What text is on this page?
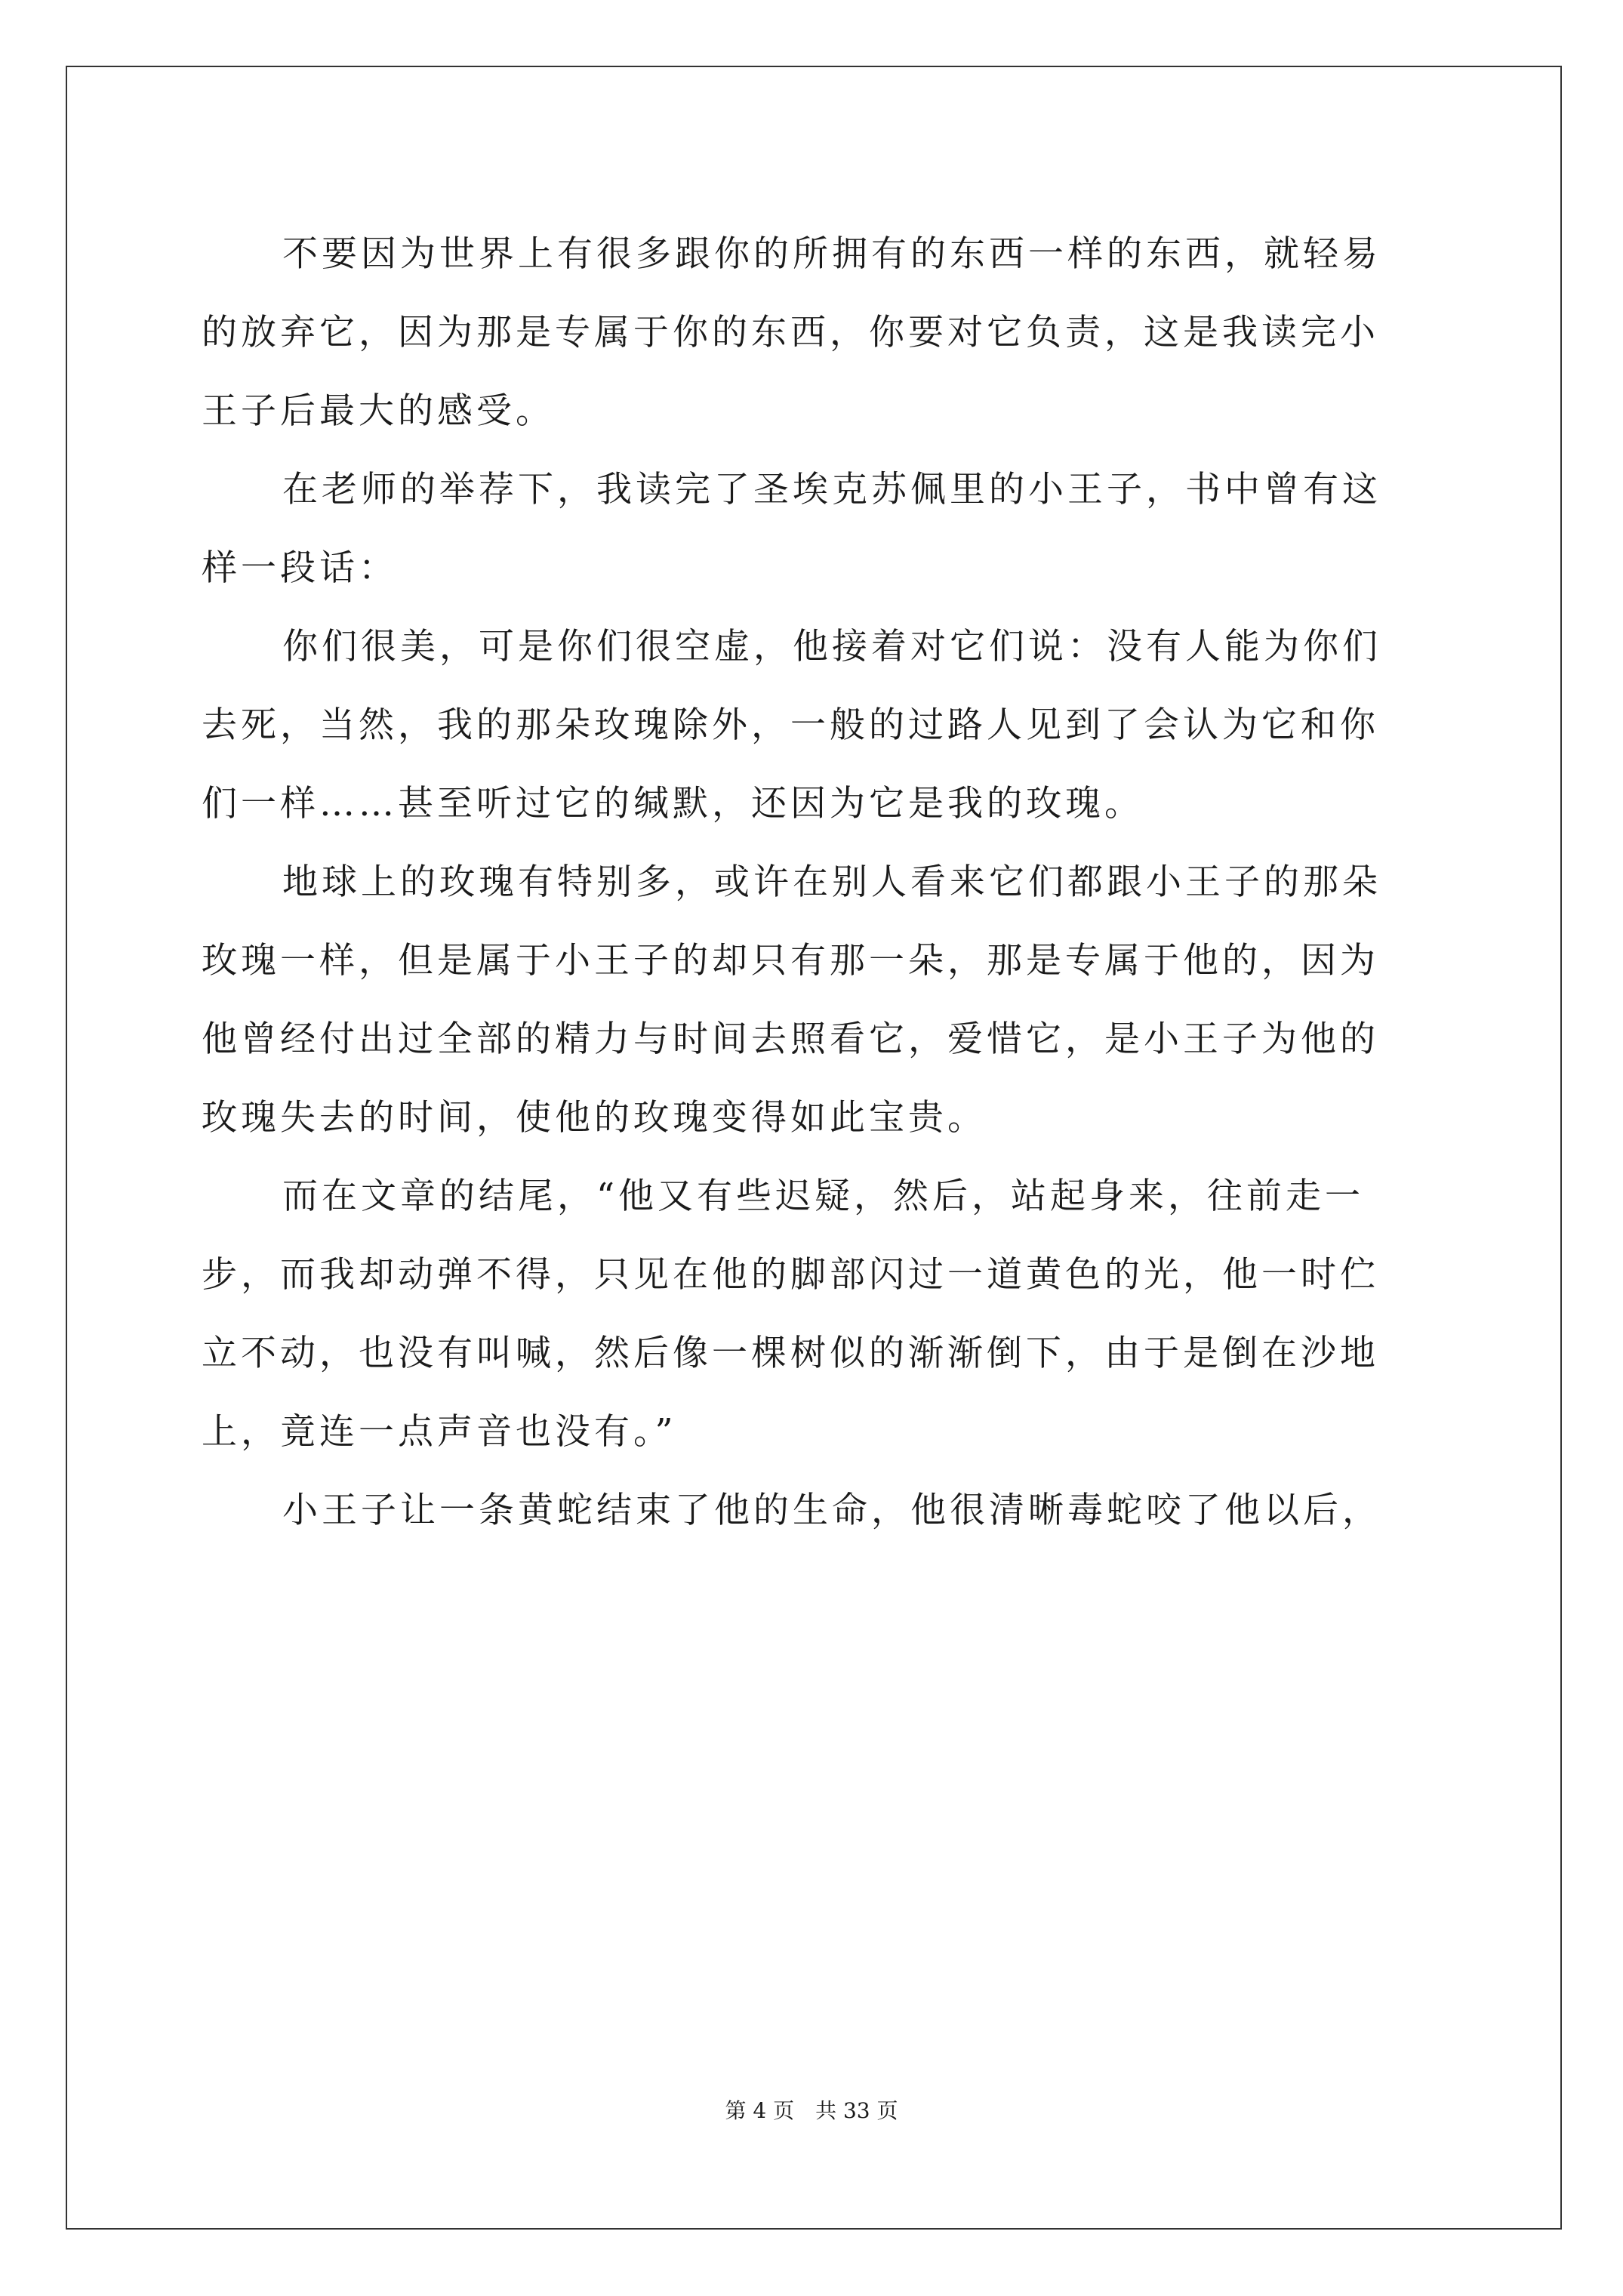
不要因为世界上有很多跟你的所拥有的东西一样的东西，就轻易
的放弃它，因为那是专属于你的东西，你要对它负责，这是我读完小
王子后最大的感受。

在老师的举荐下，我读完了圣埃克苏佩里的小王子，书中曾有这
样一段话：

你们很美，可是你们很空虚，他接着对它们说：没有人能为你们
去死，当然，我的那朵玫瑰除外，一般的过路人见到了会认为它和你
们一样……甚至听过它的缄默，还因为它是我的玫瑰。

地球上的玫瑰有特别多，或许在别人看来它们都跟小王子的那朵
玫瑰一样，但是属于小王子的却只有那一朵，那是专属于他的，因为
他曾经付出过全部的精力与时间去照看它，爱惜它，是小王子为他的
玫瑰失去的时间，使他的玫瑰变得如此宝贵。

而在文章的结尾，“他又有些迟疑，然后，站起身来，往前走一
步，而我却动弹不得，只见在他的脚部闪过一道黄色的光，他一时伫
立不动，也没有叫喊，然后像一棵树似的渐渐倒下，由于是倒在沙地
上，竟连一点声音也没有。”

小王子让一条黄蛇结束了他的生命，他很清晰毒蛇咬了他以后，

第 4 页 共 33 页
